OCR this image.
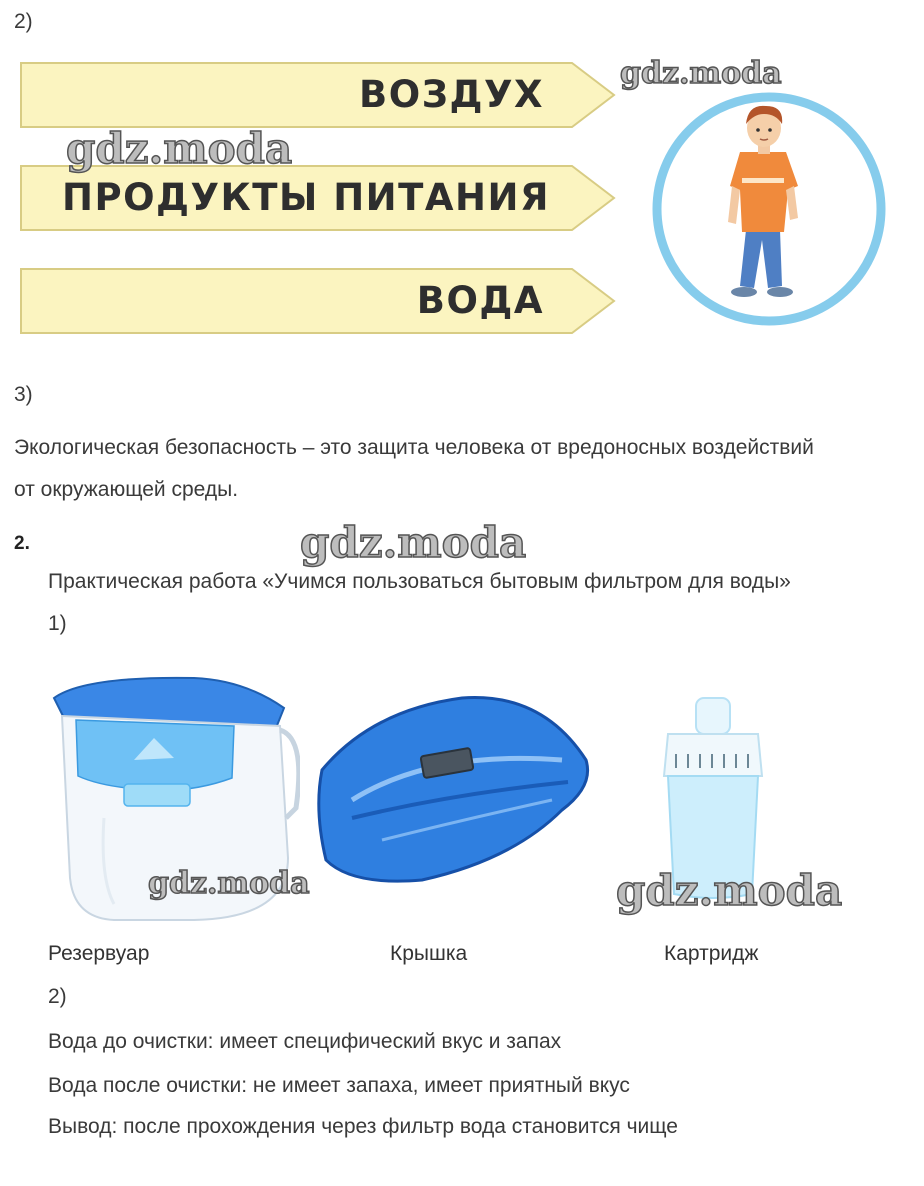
2)
ВОЗДУХ
ПРОДУКТЫ ПИТАНИЯ
ВОДА
3)
Экологическая безопасность – это защита человека от вредоносных воздействий
от окружающей среды.
2.
Практическая работа «Учимся пользоваться бытовым фильтром для воды»
1)
Резервуар	Крышка	Картридж
2)
Вода до очистки: имеет специфический вкус и запах
Вода после очистки: не имеет запаха, имеет приятный вкус
Вывод: после прохождения через фильтр вода становится чище
gdz.moda
gdz.moda
gdz.moda
gdz.moda	gdz.moda
